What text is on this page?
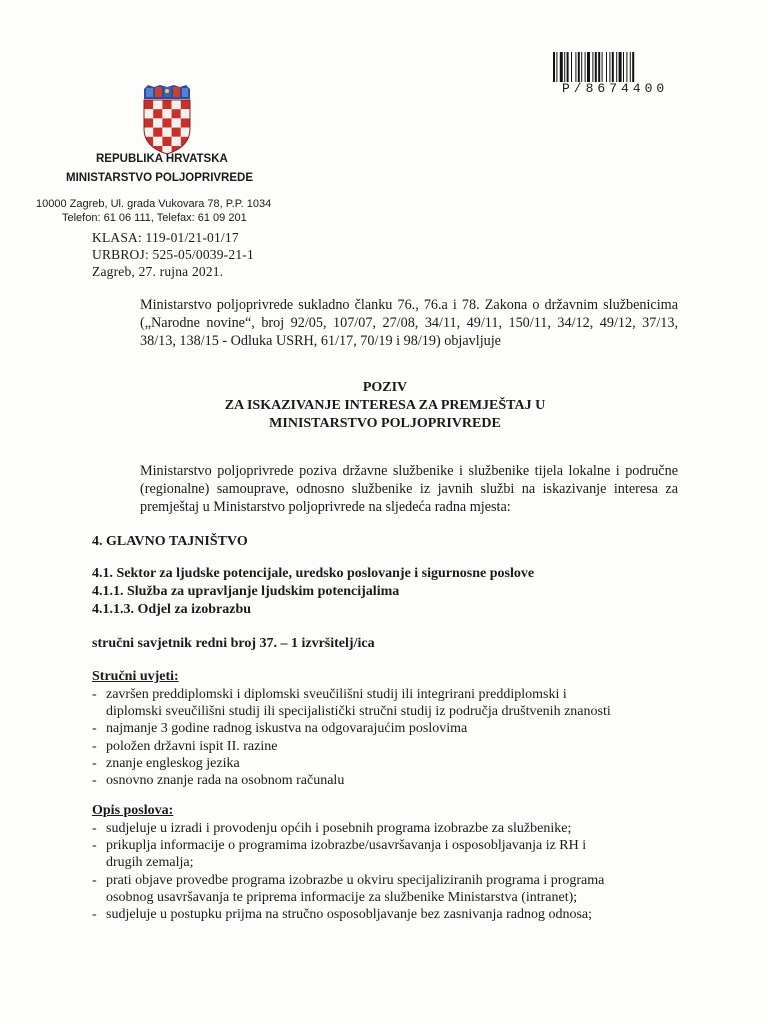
P/8674400
REPUBLIKA HRVATSKA
MINISTARSTVO POLJOPRIVREDE
10000 Zagreb, Ul. grada Vukovara 78, P.P. 1034
Telefon: 61 06 111, Telefax: 61 09 201
KLASA: 119-01/21-01/17
URBROJ: 525-05/0039-21-1
Zagreb, 27. rujna 2021.
Ministarstvo poljoprivrede sukladno članku 76., 76.a i 78. Zakona o državnim službenicima („Narodne novine“, broj 92/05, 107/07, 27/08, 34/11, 49/11, 150/11, 34/12, 49/12, 37/13, 38/13, 138/15 - Odluka USRH, 61/17, 70/19 i 98/19) objavljuje
POZIV
ZA ISKAZIVANJE INTERESA ZA PREMJEŠTAJ U
MINISTARSTVO POLJOPRIVREDE
Ministarstvo poljoprivrede poziva državne službenike i službenike tijela lokalne i područne (regionalne) samouprave, odnosno službenike iz javnih službi na iskazivanje interesa za premještaj u Ministarstvo poljoprivrede na sljedeća radna mjesta:
4. GLAVNO TAJNIŠTVO
4.1. Sektor za ljudske potencijale, uredsko poslovanje i sigurnosne poslove
4.1.1. Služba za upravljanje ljudskim potencijalima
4.1.1.3. Odjel za izobrazbu
stručni savjetnik redni broj 37. – 1 izvršitelj/ica
Stručni uvjeti:
- završen preddiplomski i diplomski sveučilišni studij ili integrirani preddiplomski i
diplomski sveučilišni studij ili specijalistički stručni studij iz područja društvenih znanosti
- najmanje 3 godine radnog iskustva na odgovarajućim poslovima
- položen državni ispit II. razine
- znanje engleskog jezika
- osnovno znanje rada na osobnom računalu
Opis poslova:
- sudjeluje u izradi i provodenju općih i posebnih programa izobrazbe za službenike;
- prikuplja informacije o programima izobrazbe/usavršavanja i osposobljavanja iz RH i
drugih zemalja;
- prati objave provedbe programa izobrazbe u okviru specijaliziranih programa i programa
osobnog usavršavanja te priprema informacije za službenike Ministarstva (intranet);
- sudjeluje u postupku prijma na stručno osposobljavanje bez zasnivanja radnog odnosa;
